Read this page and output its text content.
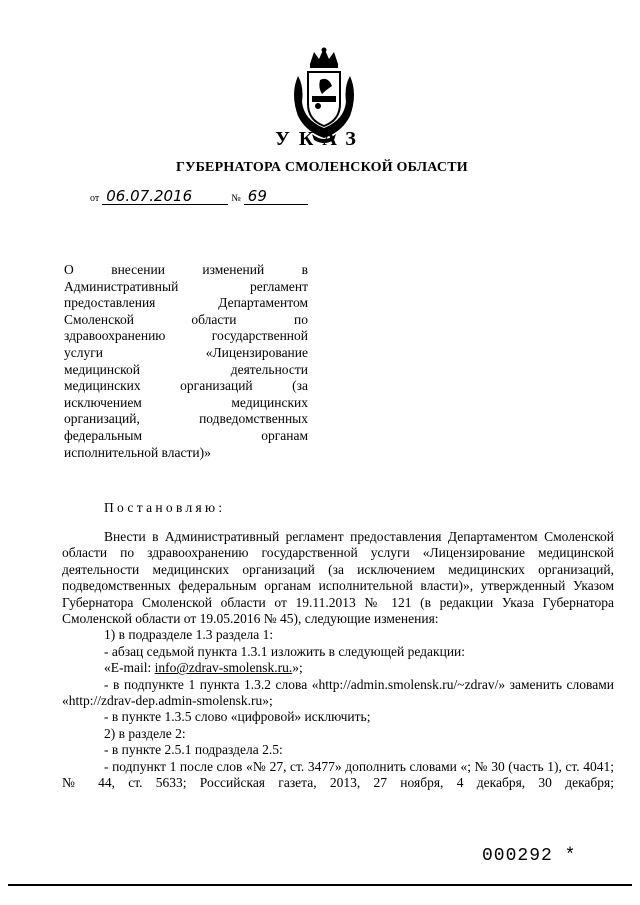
УКАЗ
ГУБЕРНАТОРА СМОЛЕНСКОЙ ОБЛАСТИ
от 06.07.2016	№ 69
О внесении изменений в
Административный регламент
предоставления Департаментом
Смоленской области по
здравоохранению государственной
услуги «Лицензирование
медицинской деятельности
медицинских организаций (за
исключением медицинских
организаций, подведомственных
федеральным органам
исполнительной власти)»
Постановляю:

Внести в Административный регламент предоставления Департаментом Смоленской области по здравоохранению государственной услуги «Лицензирование медицинской деятельности медицинских организаций (за исключением медицинских организаций, подведомственных федеральным органам исполнительной власти)», утвержденный Указом Губернатора Смоленской области от 19.11.2013 № 121 (в редакции Указа Губернатора Смоленской области от 19.05.2016 № 45), следующие изменения:

1) в подразделе 1.3 раздела 1:

- абзац седьмой пункта 1.3.1 изложить в следующей редакции:

«E-mail: info@zdrav-smolensk.ru.»;

- в подпункте 1 пункта 1.3.2 слова «http://admin.smolensk.ru/~zdrav/» заменить словами «http://zdrav-dep.admin-smolensk.ru»;

- в пункте 1.3.5 слово «цифровой» исключить;

2) в разделе 2:

- в пункте 2.5.1 подраздела 2.5:

- подпункт 1 после слов «№ 27, ст. 3477» дополнить словами «; № 30 (часть 1), ст. 4041; № 44, ст. 5633; Российская газета, 2013, 27 ноября, 4 декабря, 30 декабря;

000292 *
